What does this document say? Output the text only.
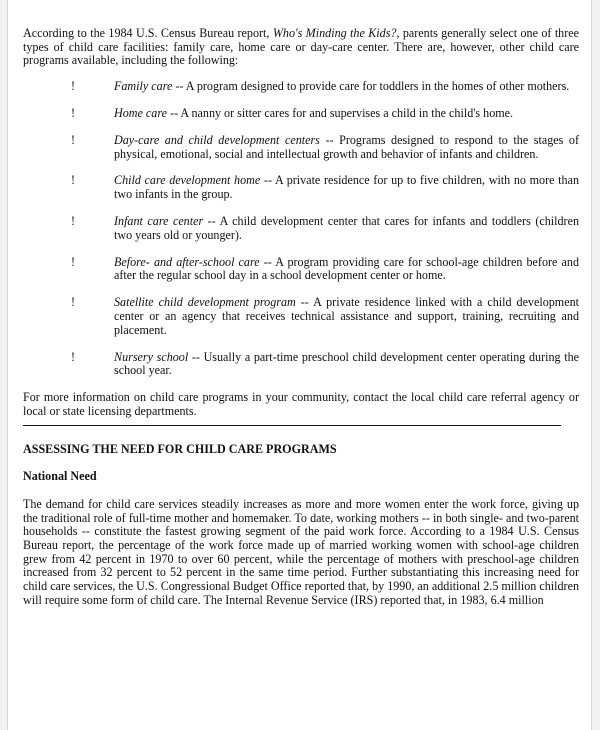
According to the 1984 U.S. Census Bureau report, Who's Minding the Kids?, parents generally select one of three types of child care facilities: family care, home care or day-care center. There are, however, other child care programs available, including the following:

!	Family care -- A program designed to provide care for toddlers in the homes of other mothers.

!	Home care -- A nanny or sitter cares for and supervises a child in the child's home.

!	Day-care and child development centers -- Programs designed to respond to the stages of physical, emotional, social and intellectual growth and behavior of infants and children.

!	Child care development home -- A private residence for up to five children, with no more than two infants in the group.

!	Infant care center -- A child development center that cares for infants and toddlers (children two years old or younger).

!	Before- and after-school care -- A program providing care for school-age children before and after the regular school day in a school development center or home.

!	Satellite child development program -- A private residence linked with a child development center or an agency that receives technical assistance and support, training, recruiting and placement.

!	Nursery school -- Usually a part-time preschool child development center operating during the school year.

For more information on child care programs in your community, contact the local child care referral agency or local or state licensing departments.

ASSESSING THE NEED FOR CHILD CARE PROGRAMS
National Need

The demand for child care services steadily increases as more and more women enter the work force, giving up the traditional role of full-time mother and homemaker. To date, working mothers -- in both single- and two-parent households -- constitute the fastest growing segment of the paid work force. According to a 1984 U.S. Census Bureau report, the percentage of the work force made up of married working women with school-age children grew from 42 percent in 1970 to over 60 percent, while the percentage of mothers with preschool-age children increased from 32 percent to 52 percent in the same time period. Further substantiating this increasing need for child care services, the U.S. Congressional Budget Office reported that, by 1990, an additional 2.5 million children will require some form of child care. The Internal Revenue Service (IRS) reported that, in 1983, 6.4 million
